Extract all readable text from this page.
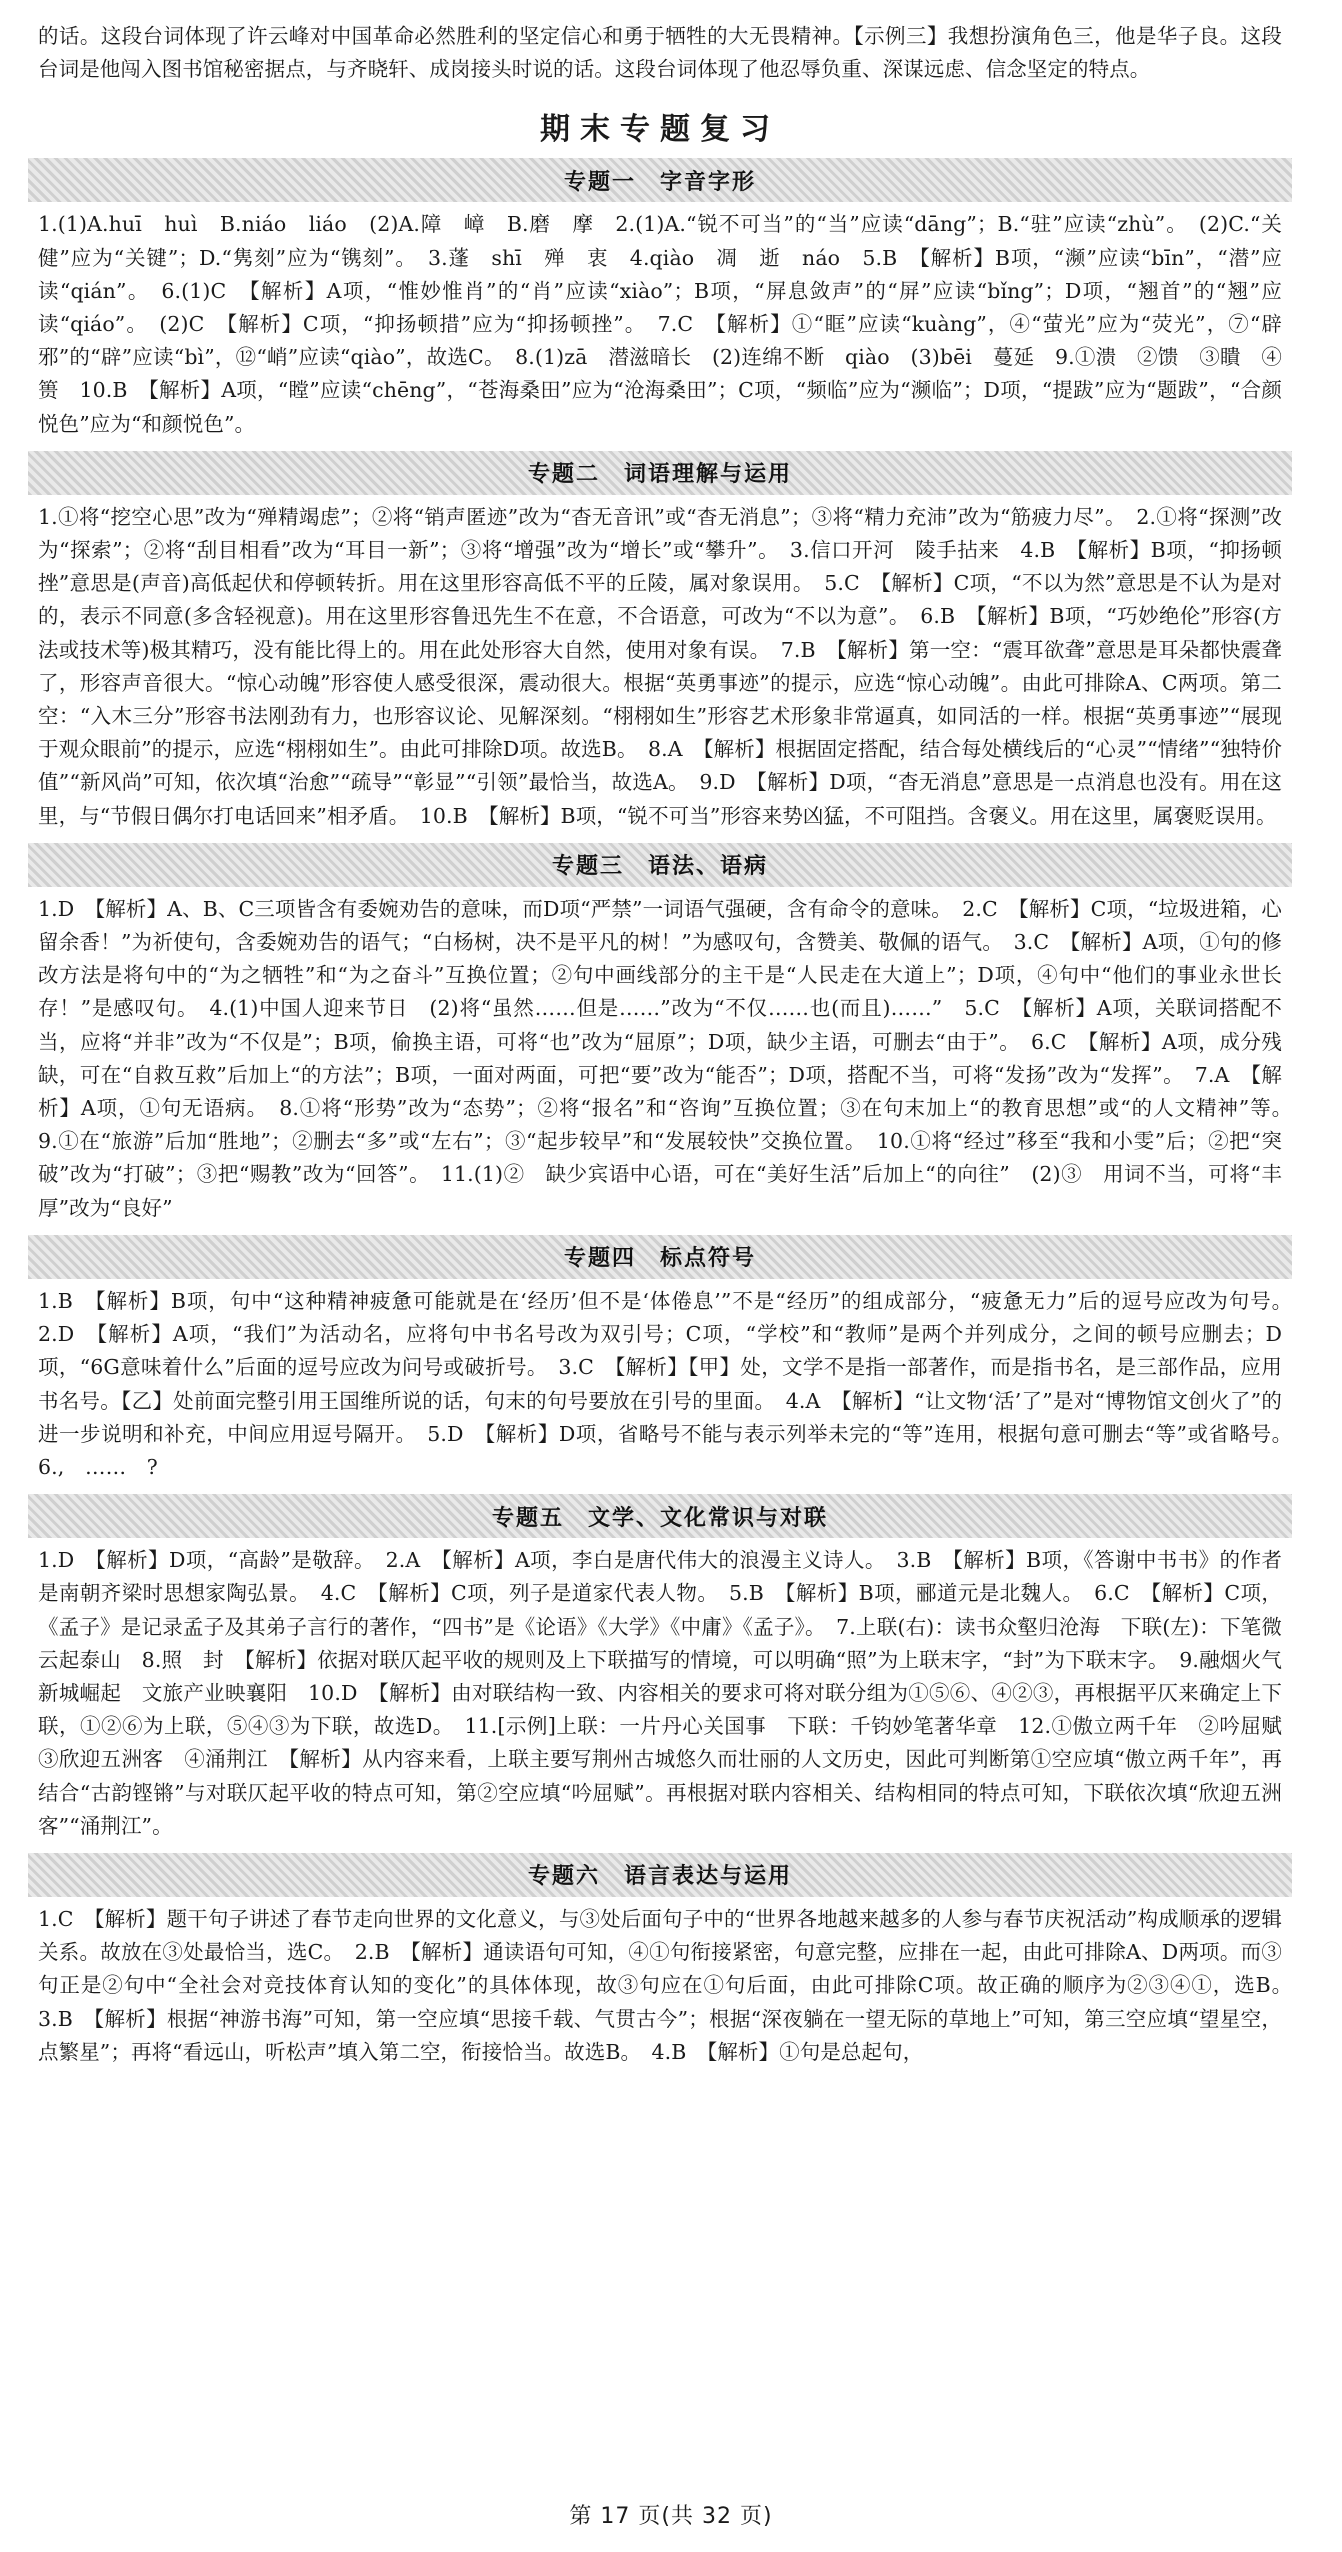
的话。这段台词体现了许云峰对中国革命必然胜利的坚定信心和勇于牺牲的大无畏精神。【示例三】我想扮演角色三，他是华子良。这段台词是他闯入图书馆秘密据点，与齐晓轩、成岗接头时说的话。这段台词体现了他忍辱负重、深谋远虑、信念坚定的特点。

期末专题复习
专题一　字音字形

1.(1)A.huī　huì　B.niáo　liáo　(2)A.障　嶂　B.磨　摩　2.(1)A.“锐不可当”的“当”应读“dāng”；B.“驻”应读“zhù”。　(2)C.“关健”应为“关键”；D.“隽刻”应为“镌刻”。　3.蓬　shī　殚　衷　4.qiào　凋　逝　náo　5.B　【解析】B项，“濒”应读“bīn”，“潜”应读“qián”。　6.(1)C　【解析】A项，“惟妙惟肖”的“肖”应读“xiào”；B项，“屏息敛声”的“屏”应读“bǐng”；D项，“翘首”的“翘”应读“qiáo”。　(2)C　【解析】C项，“抑扬顿措”应为“抑扬顿挫”。　7.C　【解析】①“眶”应读“kuàng”，④“萤光”应为“荧光”，⑦“辟邪”的“辟”应读“bì”，⑫“峭”应读“qiào”，故选C。　8.(1)zā　潜滋暗长　(2)连绵不断　qiào　(3)bēi　蔓延　9.①溃　②馈　③瞶　④篑　10.B　【解析】A项，“瞠”应读“chēng”，“苍海桑田”应为“沧海桑田”；C项，“频临”应为“濒临”；D项，“提跋”应为“题跋”，“合颜悦色”应为“和颜悦色”。

专题二　词语理解与运用

1.①将“挖空心思”改为“殚精竭虑”；②将“销声匿迹”改为“杳无音讯”或“杳无消息”；③将“精力充沛”改为“筋疲力尽”。　2.①将“探测”改为“探索”；②将“刮目相看”改为“耳目一新”；③将“增强”改为“增长”或“攀升”。　3.信口开河　陵手拈来　4.B　【解析】B项，“抑扬顿挫”意思是(声音)高低起伏和停顿转折。用在这里形容高低不平的丘陵，属对象误用。　5.C　【解析】C项，“不以为然”意思是不认为是对的，表示不同意(多含轻视意)。用在这里形容鲁迅先生不在意，不合语意，可改为“不以为意”。　6.B　【解析】B项，“巧妙绝伦”形容(方法或技术等)极其精巧，没有能比得上的。用在此处形容大自然，使用对象有误。　7.B　【解析】第一空：“震耳欲聋”意思是耳朵都快震聋了，形容声音很大。“惊心动魄”形容使人感受很深，震动很大。根据“英勇事迹”的提示，应选“惊心动魄”。由此可排除A、C两项。第二空：“入木三分”形容书法刚劲有力，也形容议论、见解深刻。“栩栩如生”形容艺术形象非常逼真，如同活的一样。根据“英勇事迹”“展现于观众眼前”的提示，应选“栩栩如生”。由此可排除D项。故选B。　8.A　【解析】根据固定搭配，结合每处横线后的“心灵”“情绪”“独特价值”“新风尚”可知，依次填“治愈”“疏导”“彰显”“引领”最恰当，故选A。　9.D　【解析】D项，“杳无消息”意思是一点消息也没有。用在这里，与“节假日偶尔打电话回来”相矛盾。　10.B　【解析】B项，“锐不可当”形容来势凶猛，不可阻挡。含褒义。用在这里，属褒贬误用。

专题三　语法、语病

1.D　【解析】A、B、C三项皆含有委婉劝告的意味，而D项“严禁”一词语气强硬，含有命令的意味。　2.C　【解析】C项，“垃圾进箱，心留余香！”为祈使句，含委婉劝告的语气；“白杨树，决不是平凡的树！”为感叹句，含赞美、敬佩的语气。　3.C　【解析】A项，①句的修改方法是将句中的“为之牺牲”和“为之奋斗”互换位置；②句中画线部分的主干是“人民走在大道上”；D项，④句中“他们的事业永世长存！”是感叹句。　4.(1)中国人迎来节日　(2)将“虽然……但是……”改为“不仅……也(而且)……”　5.C　【解析】A项，关联词搭配不当，应将“并非”改为“不仅是”；B项，偷换主语，可将“也”改为“屈原”；D项，缺少主语，可删去“由于”。　6.C　【解析】A项，成分残缺，可在“自救互救”后加上“的方法”；B项，一面对两面，可把“要”改为“能否”；D项，搭配不当，可将“发扬”改为“发挥”。　7.A　【解析】A项，①句无语病。　8.①将“形势”改为“态势”；②将“报名”和“咨询”互换位置；③在句末加上“的教育思想”或“的人文精神”等。　9.①在“旅游”后加“胜地”；②删去“多”或“左右”；③“起步较早”和“发展较快”交换位置。　10.①将“经过”移至“我和小雯”后；②把“突破”改为“打破”；③把“赐教”改为“回答”。　11.(1)②　缺少宾语中心语，可在“美好生活”后加上“的向往”　(2)③　用词不当，可将“丰厚”改为“良好”

专题四　标点符号

1.B　【解析】B项，句中“这种精神疲惫可能就是在‘经历’但不是‘体倦息’”不是“经历”的组成部分，“疲惫无力”后的逗号应改为句号。　2.D　【解析】A项，“我们”为活动名，应将句中书名号改为双引号；C项，“学校”和“教师”是两个并列成分，之间的顿号应删去；D项，“6G意味着什么”后面的逗号应改为问号或破折号。　3.C　【解析】【甲】处，文学不是指一部著作，而是指书名，是三部作品，应用书名号。【乙】处前面完整引用王国维所说的话，句末的句号要放在引号的里面。　4.A　【解析】“让文物‘活’了”是对“博物馆文创火了”的进一步说明和补充，中间应用逗号隔开。　5.D　【解析】D项，省略号不能与表示列举未完的“等”连用，根据句意可删去“等”或省略号。　6.,　……　?

专题五　文学、文化常识与对联

1.D　【解析】D项，“高龄”是敬辞。　2.A　【解析】A项，李白是唐代伟大的浪漫主义诗人。　3.B　【解析】B项，《答谢中书书》的作者是南朝齐梁时思想家陶弘景。　4.C　【解析】C项，列子是道家代表人物。　5.B　【解析】B项，郦道元是北魏人。　6.C　【解析】C项，《孟子》是记录孟子及其弟子言行的著作，“四书”是《论语》《大学》《中庸》《孟子》。　7.上联(右)：读书众壑归沧海　下联(左)：下笔微云起泰山　8.照　封　【解析】依据对联仄起平收的规则及上下联描写的情境，可以明确“照”为上联末字，“封”为下联末字。　9.融烟火气新城崛起　文旅产业映襄阳　10.D　【解析】由对联结构一致、内容相关的要求可将对联分组为①⑤⑥、④②③，再根据平仄来确定上下联，①②⑥为上联，⑤④③为下联，故选D。　11.[示例]上联：一片丹心关国事　下联：千钧妙笔著华章　12.①傲立两千年　②吟屈赋　③欣迎五洲客　④涌荆江　【解析】从内容来看，上联主要写荆州古城悠久而壮丽的人文历史，因此可判断第①空应填“傲立两千年”，再结合“古韵铿锵”与对联仄起平收的特点可知，第②空应填“吟屈赋”。再根据对联内容相关、结构相同的特点可知，下联依次填“欣迎五洲客”“涌荆江”。

专题六　语言表达与运用

1.C　【解析】题干句子讲述了春节走向世界的文化意义，与③处后面句子中的“世界各地越来越多的人参与春节庆祝活动”构成顺承的逻辑关系。故放在③处最恰当，选C。　2.B　【解析】通读语句可知，④①句衔接紧密，句意完整，应排在一起，由此可排除A、D两项。而③句正是②句中“全社会对竞技体育认知的变化”的具体体现，故③句应在①句后面，由此可排除C项。故正确的顺序为②③④①，选B。　3.B　【解析】根据“神游书海”可知，第一空应填“思接千载、气贯古今”；根据“深夜躺在一望无际的草地上”可知，第三空应填“望星空，点繁星”；再将“看远山，听松声”填入第二空，衔接恰当。故选B。　4.B　【解析】①句是总起句，

第 17 页(共 32 页)
